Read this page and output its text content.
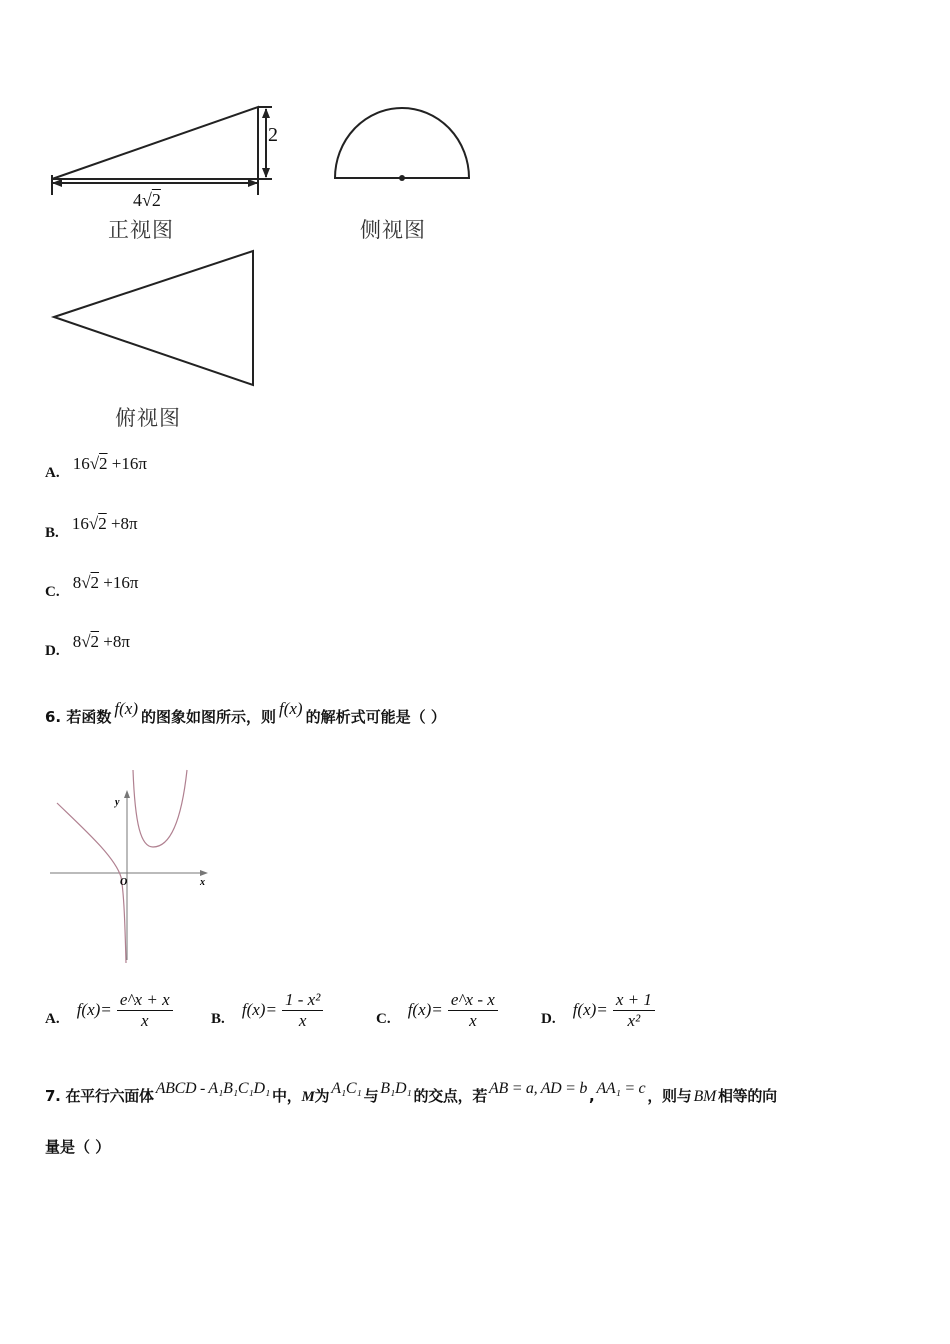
2
4√2
正视图	侧视图
俯视图
A. 16√2 +16π
B. 16√2 +8π
C. 8√2 +16π
D. 8√2 +8π
6. 若函数 f(x) 的图象如图所示，则 f(x) 的解析式可能是（ ）
y
x
O
A. $f(x)= \frac{e\^{}x + x}{x}$	B. $f(x)= \frac{\text{1 - x²}}{x}$	C. $f(x)= \frac{e\^{}x - x}{x}$	D. $f(x)= \frac{x + 1}{\text{x²}}$
7. 在平行六面体 ABCD - A₁B₁C₁D₁ 中，M为 A₁C₁ 与 B₁D₁ 的交点，若 AB = a, AD = b , AA₁ = c ，则与 BM 相等的向
量是（ ）
